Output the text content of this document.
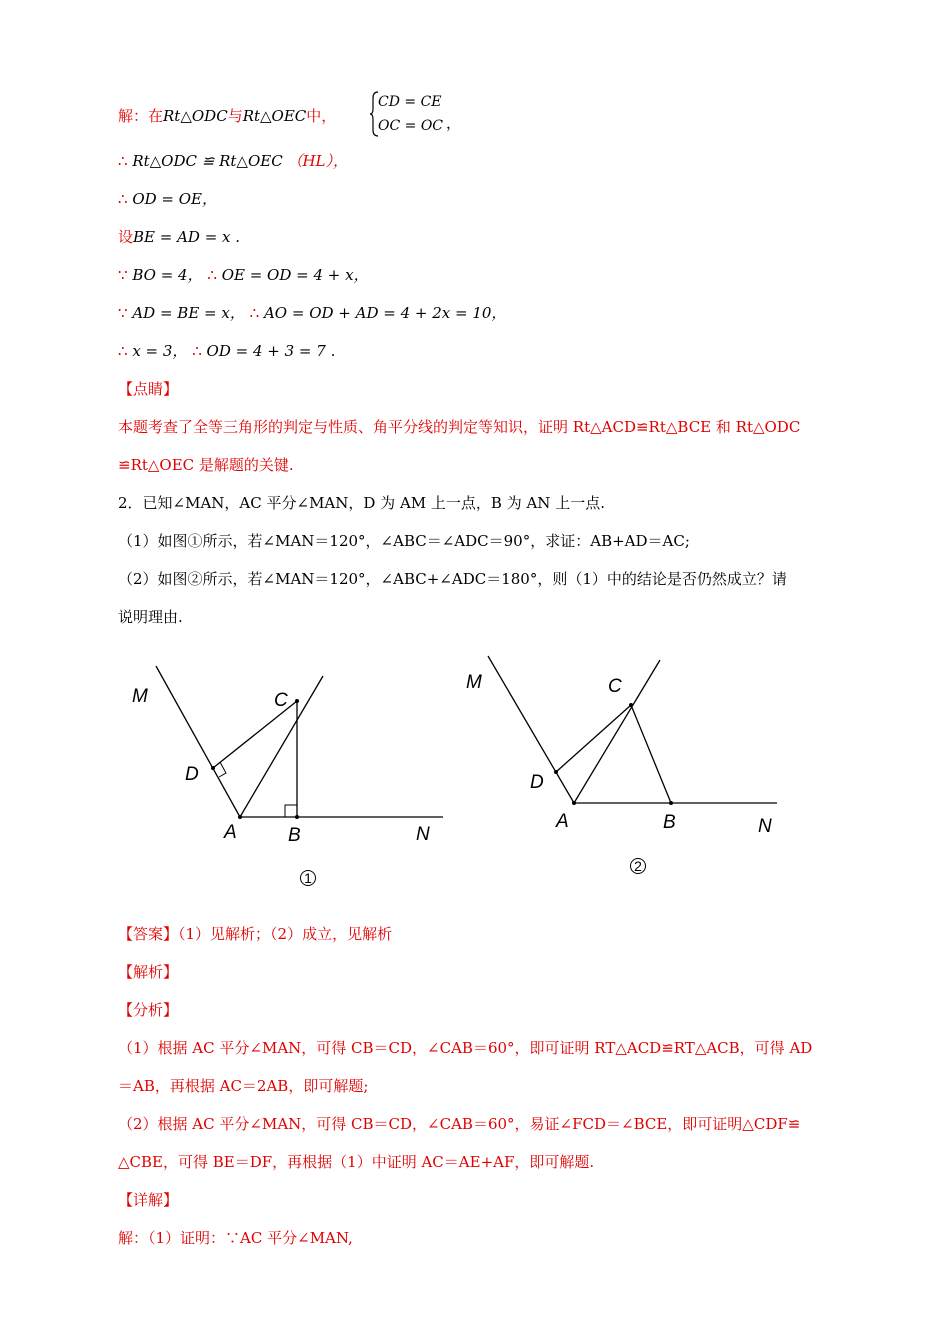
解：在Rt△ODC与Rt△OEC中，
CD = CE
OC = OC ，
∴ Rt△ODC ≌ Rt△OEC （HL），
∴ OD = OE，
设BE = AD = x .
∵ BO = 4， ∴ OE = OD = 4 + x，
∵ AD = BE = x， ∴ AO = OD + AD = 4 + 2x = 10，
∴ x = 3， ∴ OD = 4 + 3 = 7 .
【点睛】
本题考查了全等三角形的判定与性质、角平分线的判定等知识，证明 Rt△ACD≌Rt△BCE 和 Rt△ODC
≌Rt△OEC 是解题的关键.
2．已知∠MAN，AC 平分∠MAN，D 为 AM 上一点，B 为 AN 上一点.
（1）如图①所示，若∠MAN＝120°，∠ABC＝∠ADC＝90°，求证：AB+AD＝AC;
（2）如图②所示，若∠MAN＝120°，∠ABC+∠ADC＝180°，则（1）中的结论是否仍然成立？请
说明理由.
M	C
D
A	B	N
1
M	C
D
A	B	N
2
【答案】（1）见解析；（2）成立，见解析
【解析】
【分析】
（1）根据 AC 平分∠MAN，可得 CB＝CD，∠CAB＝60°，即可证明 RT△ACD≌RT△ACB，可得 AD
＝AB，再根据 AC＝2AB，即可解题;
（2）根据 AC 平分∠MAN，可得 CB＝CD，∠CAB＝60°，易证∠FCD＝∠BCE，即可证明△CDF≌
△CBE，可得 BE＝DF，再根据（1）中证明 AC＝AE+AF，即可解题.
【详解】
解：（1）证明：∵AC 平分∠MAN,
